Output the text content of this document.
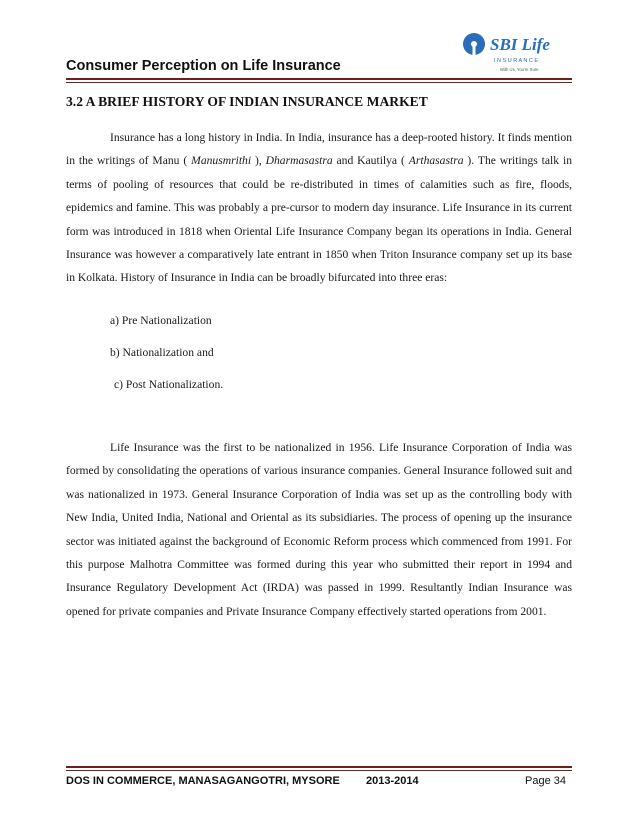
Consumer Perception on Life Insurance
SBI Life
I N S U R A N C E
With Us, You're Sure
3.2 A BRIEF HISTORY OF INDIAN INSURANCE MARKET

Insurance has a long history in India. In India, insurance has a deep-rooted history. It finds mention in the writings of Manu ( Manusmrithi ), Dharmasastra and Kautilya ( Arthasastra ). The writings talk in terms of pooling of resources that could be re-distributed in times of calamities such as fire, floods, epidemics and famine. This was probably a pre-cursor to modern day insurance. Life Insurance in its current form was introduced in 1818 when Oriental Life Insurance Company began its operations in India. General Insurance was however a comparatively late entrant in 1850 when Triton Insurance company set up its base in Kolkata. History of Insurance in India can be broadly bifurcated into three eras:

a) Pre Nationalization

b) Nationalization and

c) Post Nationalization.

Life Insurance was the first to be nationalized in 1956. Life Insurance Corporation of India was formed by consolidating the operations of various insurance companies. General Insurance followed suit and was nationalized in 1973. General Insurance Corporation of India was set up as the controlling body with New India, United India, National and Oriental as its subsidiaries. The process of opening up the insurance sector was initiated against the background of Economic Reform process which commenced from 1991. For this purpose Malhotra Committee was formed during this year who submitted their report in 1994 and Insurance Regulatory Development Act (IRDA) was passed in 1999. Resultantly Indian Insurance was opened for private companies and Private Insurance Company effectively started operations from 2001.

DOS IN COMMERCE, MANASAGANGOTRI, MYSORE 2013-2014	Page 34
